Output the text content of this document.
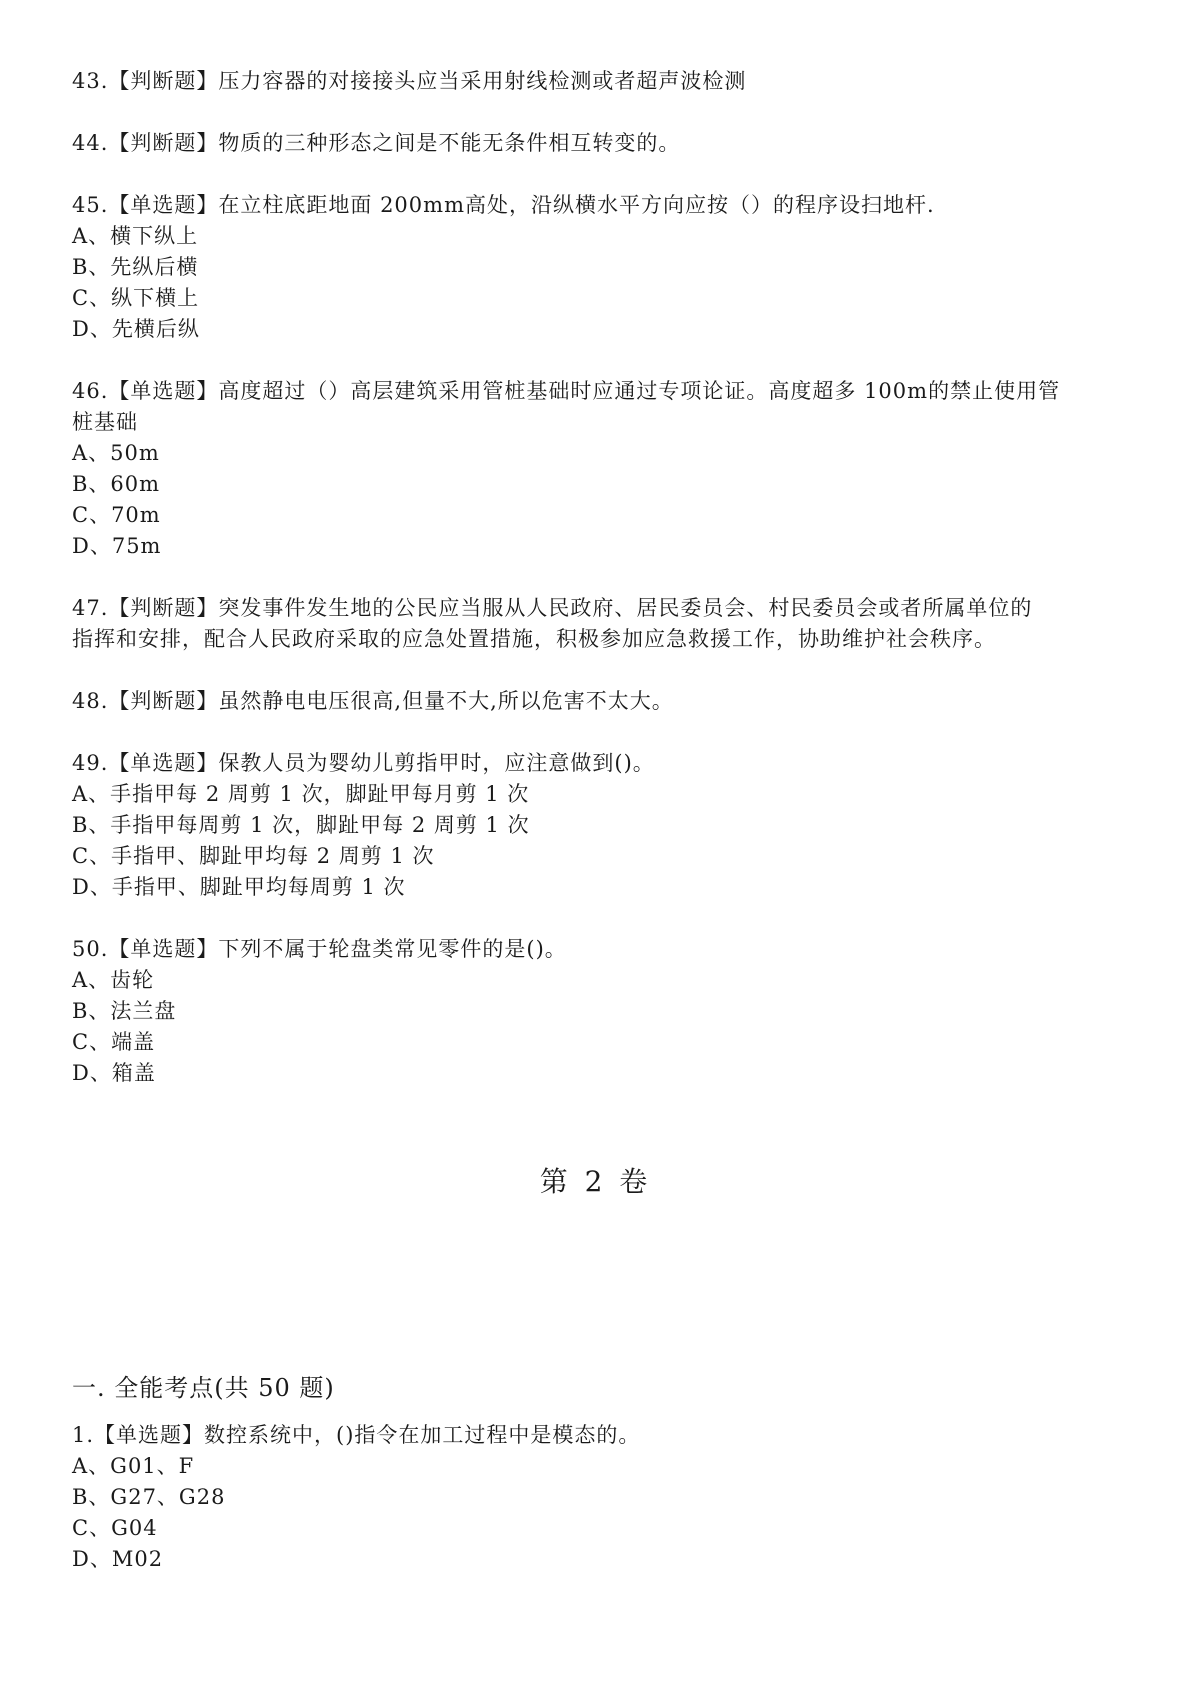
43.【判断题】压力容器的对接接头应当采用射线检测或者超声波检测
44.【判断题】物质的三种形态之间是不能无条件相互转变的。
45.【单选题】在立柱底距地面 200mm高处，沿纵横水平方向应按（）的程序设扫地杆.
A、横下纵上
B、先纵后横
C、纵下横上
D、先横后纵
46.【单选题】高度超过（）高层建筑采用管桩基础时应通过专项论证。高度超多 100m的禁止使用管
桩基础
A、50m
B、60m
C、70m
D、75m
47.【判断题】突发事件发生地的公民应当服从人民政府、居民委员会、村民委员会或者所属单位的
指挥和安排，配合人民政府采取的应急处置措施，积极参加应急救援工作，协助维护社会秩序。
48.【判断题】虽然静电电压很高,但量不大,所以危害不太大。
49.【单选题】保教人员为婴幼儿剪指甲时，应注意做到()。
A、手指甲每 2 周剪 1 次，脚趾甲每月剪 1 次
B、手指甲每周剪 1 次，脚趾甲每 2 周剪 1 次
C、手指甲、脚趾甲均每 2 周剪 1 次
D、手指甲、脚趾甲均每周剪 1 次
50.【单选题】下列不属于轮盘类常见零件的是()。
A、齿轮
B、法兰盘
C、端盖
D、箱盖
第 2 卷
一. 全能考点(共 50 题)
1.【单选题】数控系统中，()指令在加工过程中是模态的。
A、G01、F
B、G27、G28
C、G04
D、M02
